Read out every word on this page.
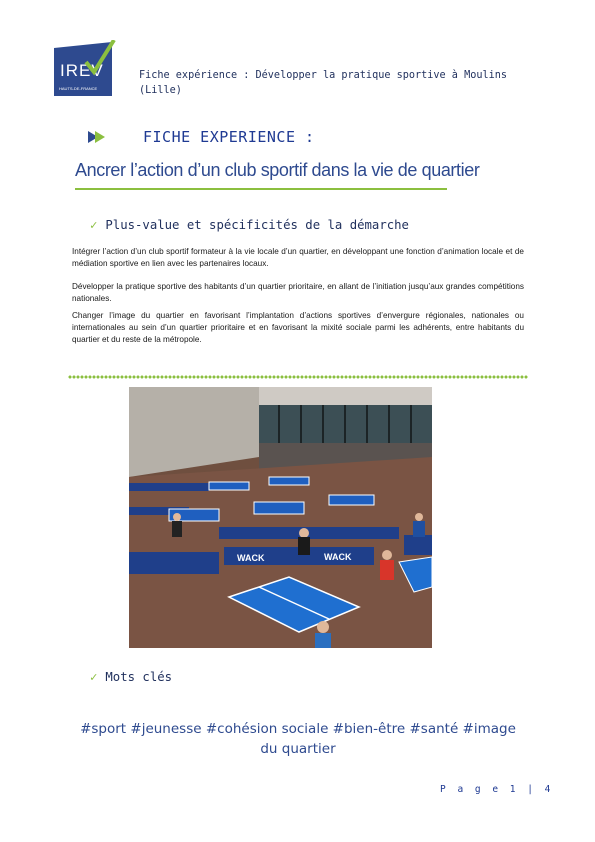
IREV
HAUTS-DE-FRANCE
Fiche expérience : Développer la pratique sportive à Moulins
(Lille)
FICHE EXPERIENCE :
Ancrer l’action d’un club sportif dans la vie de quartier
✓ Plus-value et spécificités de la démarche

Intégrer l’action d’un club sportif formateur à la vie locale d’un quartier, en développant une fonction d’animation locale et de médiation sportive en lien avec les partenaires locaux.

Développer la pratique sportive des habitants d’un quartier prioritaire, en allant de l’initiation jusqu’aux grandes compétitions nationales.

Changer l’image du quartier en favorisant l’implantation d’actions sportives d’envergure régionales, nationales ou internationales au sein d’un quartier prioritaire et en favorisant la mixité sociale parmi les adhérents, entre habitants du quartier et du reste de la métropole.

WACK	WACK
✓ Mots clés
#sport #jeunesse #cohésion sociale #bien-être #santé #image
du quartier
P a g e 1 | 4
